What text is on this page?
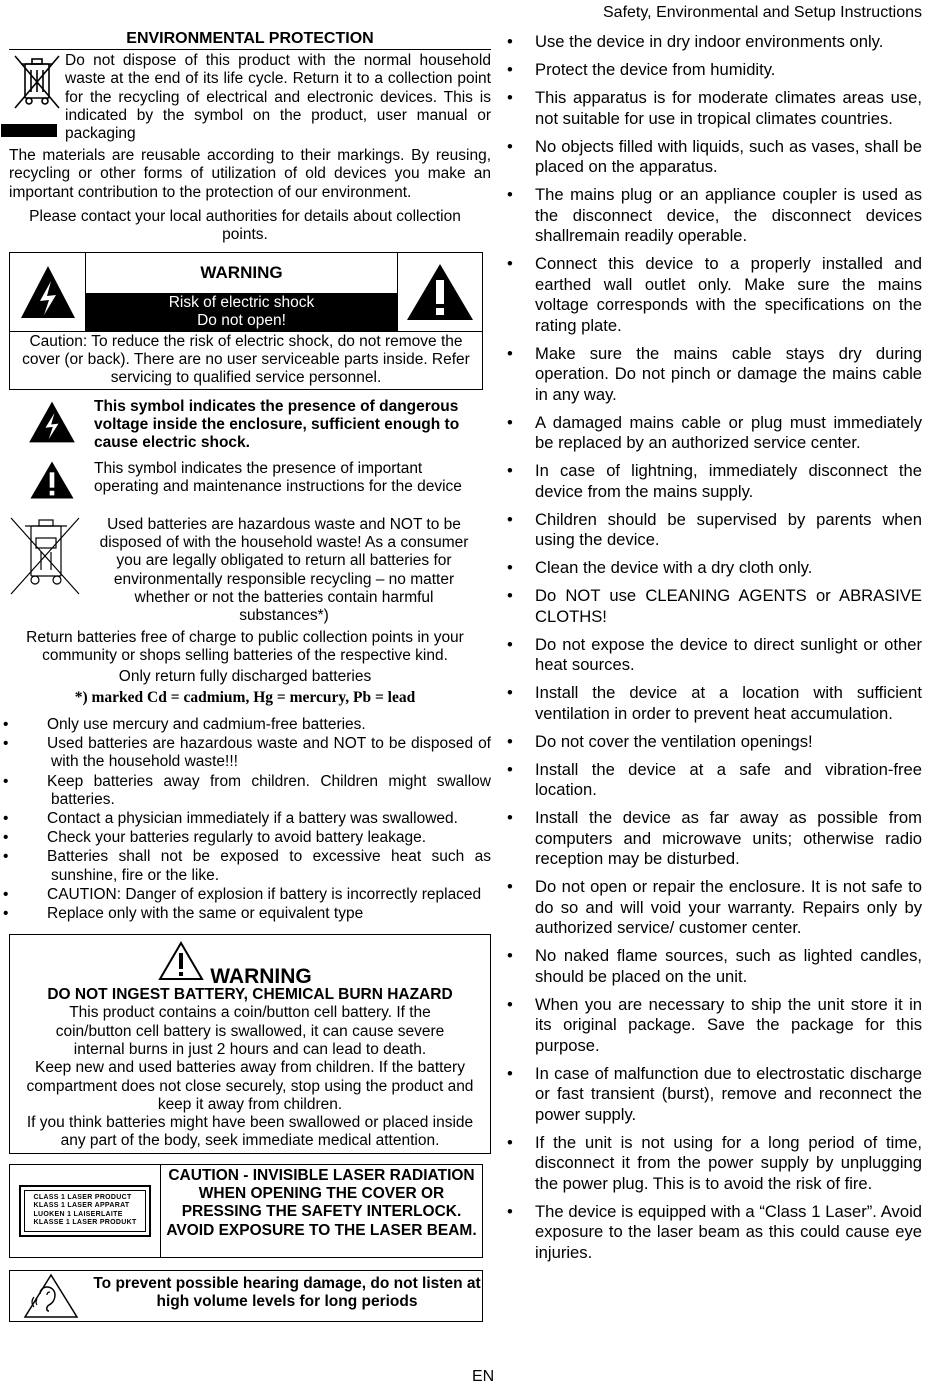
Safety, Environmental and Setup Instructions
ENVIRONMENTAL PROTECTION
Do not dispose of this product with the normal household waste at the end of its life cycle. Return it to a collection point for the recycling of electrical and electronic devices. This is indicated by the symbol on the product, user manual or packaging
The materials are reusable according to their markings. By reusing, recycling or other forms of utilization of old devices you make an important contribution to the protection of our environment.
Please contact your local authorities for details about collection points.
WARNING
Risk of electric shock
Do not open!
Caution: To reduce the risk of electric shock, do not remove the cover (or back). There are no user serviceable parts inside. Refer servicing to qualified service personnel.
This symbol indicates the presence of dangerous voltage inside the enclosure, sufficient enough to cause electric shock.
This symbol indicates the presence of important operating and maintenance instructions for the device
Used batteries are hazardous waste and NOT to be disposed of with the household waste! As a consumer you are legally obligated to return all batteries for environmentally responsible recycling – no matter whether or not the batteries contain harmful substances*)
Return batteries free of charge to public collection points in your community or shops selling batteries of the respective kind.
Only return fully discharged batteries
*) marked Cd = cadmium, Hg = mercury, Pb = lead
• Only use mercury and cadmium-free batteries.
• Used batteries are hazardous waste and NOT to be disposed of with the household waste!!!
• Keep batteries away from children. Children might swallow batteries.
• Contact a physician immediately if a battery was swallowed.
• Check your batteries regularly to avoid battery leakage.
• Batteries shall not be exposed to excessive heat such as sunshine, fire or the like.
• CAUTION: Danger of explosion if battery is incorrectly replaced
• Replace only with the same or equivalent type
WARNING
DO NOT INGEST BATTERY, CHEMICAL BURN HAZARD
This product contains a coin/button cell battery. If the coin/button cell battery is swallowed, it can cause severe internal burns in just 2 hours and can lead to death.
Keep new and used batteries away from children. If the battery compartment does not close securely, stop using the product and keep it away from children.
If you think batteries might have been swallowed or placed inside any part of the body, seek immediate medical attention.
CLASS 1 LASER PRODUCT
KLASS 1 LASER APPARAT
LUOKEN 1 LAISERLAITE
KLASSE 1 LASER PRODUKT
CAUTION - INVISIBLE LASER RADIATION WHEN OPENING THE COVER OR PRESSING THE SAFETY INTERLOCK. AVOID EXPOSURE TO THE LASER BEAM.
To prevent possible hearing damage, do not listen at high volume levels for long periods
• Use the device in dry indoor environments only.
• Protect the device from humidity.
• This apparatus is for moderate climates areas use, not suitable for use in tropical climates countries.
• No objects filled with liquids, such as vases, shall be placed on the apparatus.
• The mains plug or an appliance coupler is used as the disconnect device, the disconnect devices shallremain readily operable.
• Connect this device to a properly installed and earthed wall outlet only. Make sure the mains voltage corresponds with the specifications on the rating plate.
• Make sure the mains cable stays dry during operation. Do not pinch or damage the mains cable in any way.
• A damaged mains cable or plug must immediately be replaced by an authorized service center.
• In case of lightning, immediately disconnect the device from the mains supply.
• Children should be supervised by parents when using the device.
• Clean the device with a dry cloth only.
• Do NOT use CLEANING AGENTS or ABRASIVE CLOTHS!
• Do not expose the device to direct sunlight or other heat sources.
• Install the device at a location with sufficient ventilation in order to prevent heat accumulation.
• Do not cover the ventilation openings!
• Install the device at a safe and vibration-free location.
• Install the device as far away as possible from computers and microwave units; otherwise radio reception may be disturbed.
• Do not open or repair the enclosure. It is not safe to do so and will void your warranty. Repairs only by authorized service/ customer center.
• No naked flame sources, such as lighted candles, should be placed on the unit.
• When you are necessary to ship the unit store it in its original package. Save the package for this purpose.
• In case of malfunction due to electrostatic discharge or fast transient (burst), remove and reconnect the power supply.
• If the unit is not using for a long period of time, disconnect it from the power supply by unplugging the power plug. This is to avoid the risk of fire.
• The device is equipped with a “Class 1 Laser”. Avoid exposure to the laser beam as this could cause eye injuries.
EN
